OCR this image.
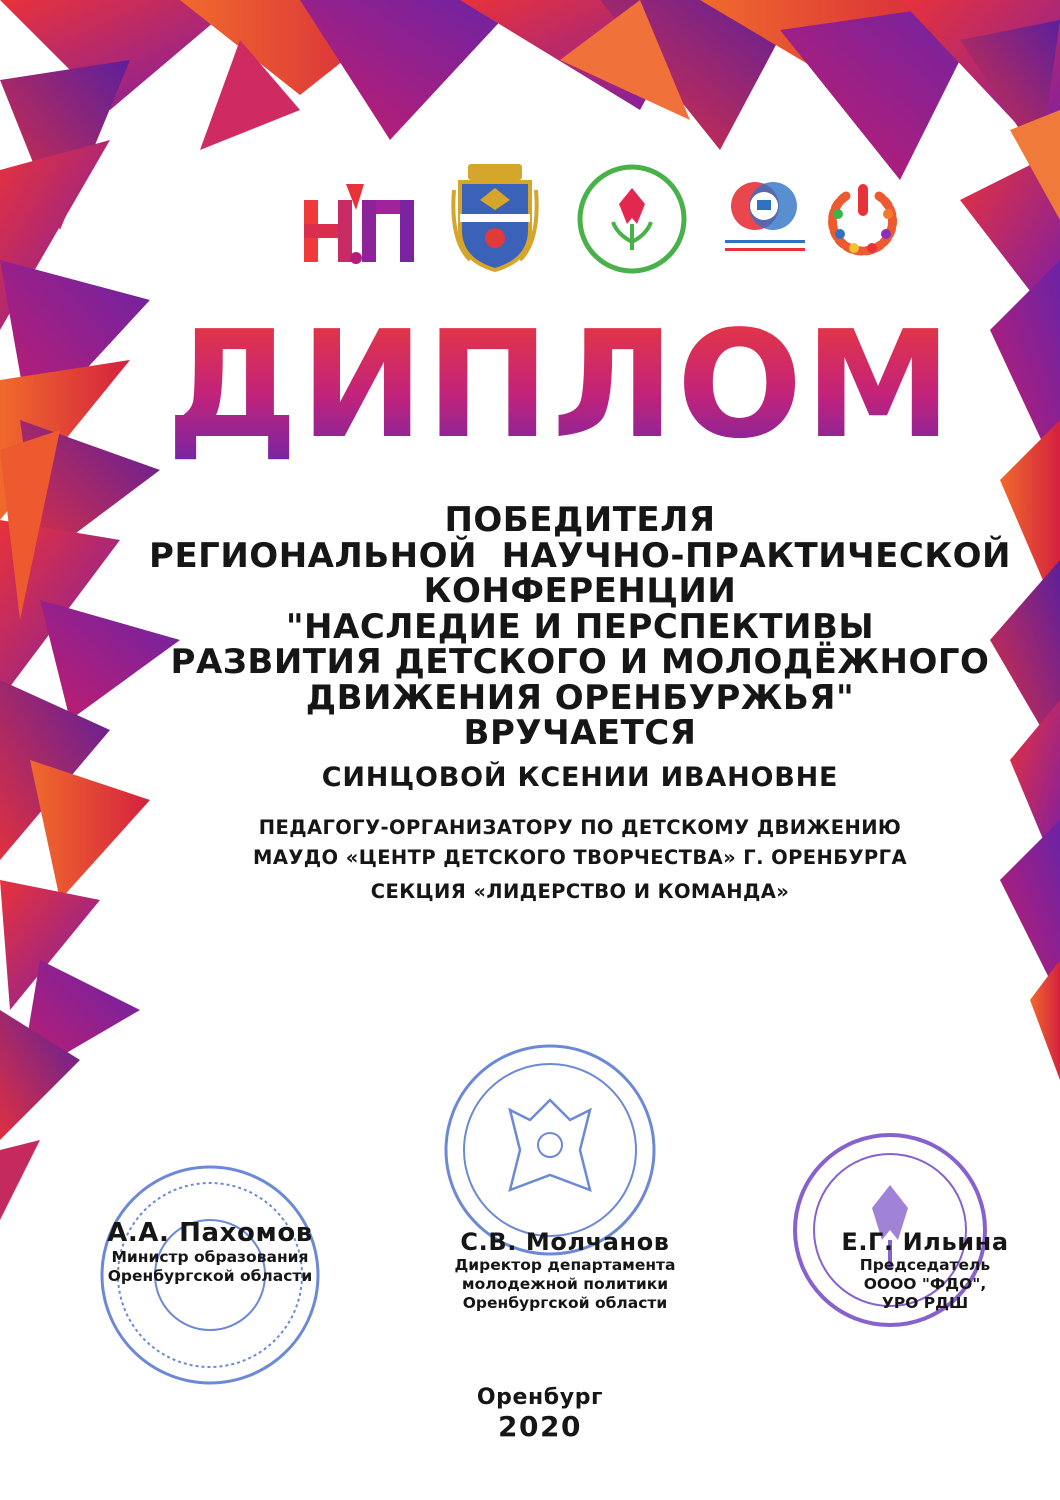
ДИПЛОМ
ПОБЕДИТЕЛЯ
РЕГИОНАЛЬНОЙ  НАУЧНО-ПРАКТИЧЕСКОЙ
КОНФЕРЕНЦИИ
"НАСЛЕДИЕ И ПЕРСПЕКТИВЫ
РАЗВИТИЯ ДЕТСКОГО И МОЛОДЁЖНОГО
ДВИЖЕНИЯ ОРЕНБУРЖЬЯ"
ВРУЧАЕТСЯ
СИНЦОВОЙ КСЕНИИ ИВАНОВНЕ
ПЕДАГОГУ-ОРГАНИЗАТОРУ ПО ДЕТСКОМУ ДВИЖЕНИЮ
МАУДО «ЦЕНТР ДЕТСКОГО ТВОРЧЕСТВА» Г. ОРЕНБУРГА
СЕКЦИЯ «ЛИДЕРСТВО И КОМАНДА»
А.А. Пахомов
Министр образования
Оренбургской области
С.В. Молчанов
Директор департамента
молодежной политики
Оренбургской области
Е.Г. Ильина
Председатель
ОООО "ФДО",
УРО РДШ
Оренбург
2020
